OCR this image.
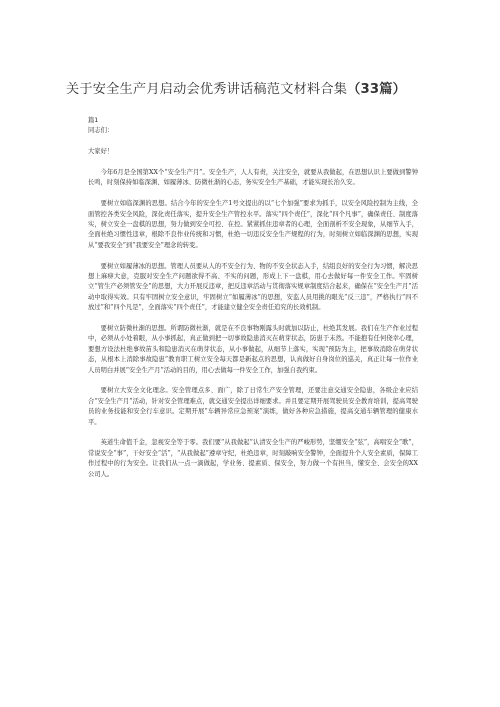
关于安全生产月启动会优秀讲话稿范文材料合集（33篇）

篇1

同志们：

大家好！

今年6月是全国第XX个“安全生产月”。安全生产，人人有责，关注安全，就要从我做起，在思想认识上要做到警钟长鸣，时刻保持如临深渊、如履薄冰、防微杜渐的心态，务实安全生产基础，才能实现长治久安。

要树立如临深渊的思想。结合今年的安全生产1号文提出的以“七个加强”要求为抓手，以安全风险控制为主线，全面管控各类安全风险，深化责任落实，提升安全生产管控水平。落实“四个责任”，深化“四个凡事”，确保责任、制度落实，树立安全一盘棋的思想，努力做到安全可控、在控。紧紧抓住违章者的心理，全面剖析不安全现象，从细节入手，全面杜绝习惯性违章，根除不良作业传统和习惯，杜绝一切违反安全生产规程的行为，时刻树立如临深渊的思想，实现从“要我安全”到“我要安全”理念的转变。

要树立如履薄冰的思想。管理人员要从人的不安全行为、物的不安全状态入手，结组良好的安全行为习惯，解决思想上麻痹大意，克服对安全生产问题欲得不高、不实的问题，形成上下一盘棋，用心去做好每一件安全工作。牢固树立“管生产必须管安全”的思想，大力开展反违章，把反违章活动与贯彻落实规章制度结合起来，确保在“安全生产月”活动中取得实效。只有牢固树立安全意识，牢固树立“如履薄冰”的思想，安监人员用挑的眼光“反三违”，严格执行“四不放过”和“四个凡是”，全面落实“四个责任”，才能建立健全安全责任追究的长效机制。

要树立防微杜渐的思想。所谓防微杜渐，就是在不良事物刚露头时就加以防止，杜绝其发展。我们在生产作业过程中，必须从小处着眼，从小事抓起，真正做到把一切事故隐患消灭在萌芽状态，防患于未然。不能抱有任何侥幸心理，要想方设法杜绝事故苗头和隐患消灭在萌芽状态，从小事做起，从细节上落实，实现“预防为主，把事故消除在萌芽状态，从根本上消除事故隐患”教育职工树立安全每天都是新起点的思想，认真做好自身岗位的巡关，真正让每一位作业人员明白并展“安全生产月”活动的目的，用心去做每一件安全工作，加强自我约束。

要树立大安全文化理念。安全管理点多、面广，除了日常生产安全管理，还要注意交通安全隐患，各级企业应结合“安全生产月”活动，针对安全管理难点，就交通安全提出详细要求。并且要定期开展驾驶员安全教育培训，提高驾驶员的业务技能和安全行车意识。定期开展“车辆异常应急预案”演练，做好各种应急措施，提高交通车辆管理的健康水平。

英道生命值千金，忽视安全等于零。我们要“从我做起”认清安全生产的严峻形势，坚绷安全“弦”，高唱安全“歌”，常说安全“事”，干好安全“活”，“从我做起”遵章守纪，杜绝违章，时刻敲响安全警钟，全面提升个人安全素质，保障工作过程中的行为安全。让我们从一点一滴做起，学业务、提素质、保安全，努力做一个有担当，懂安全、会安全的XX公司人。
